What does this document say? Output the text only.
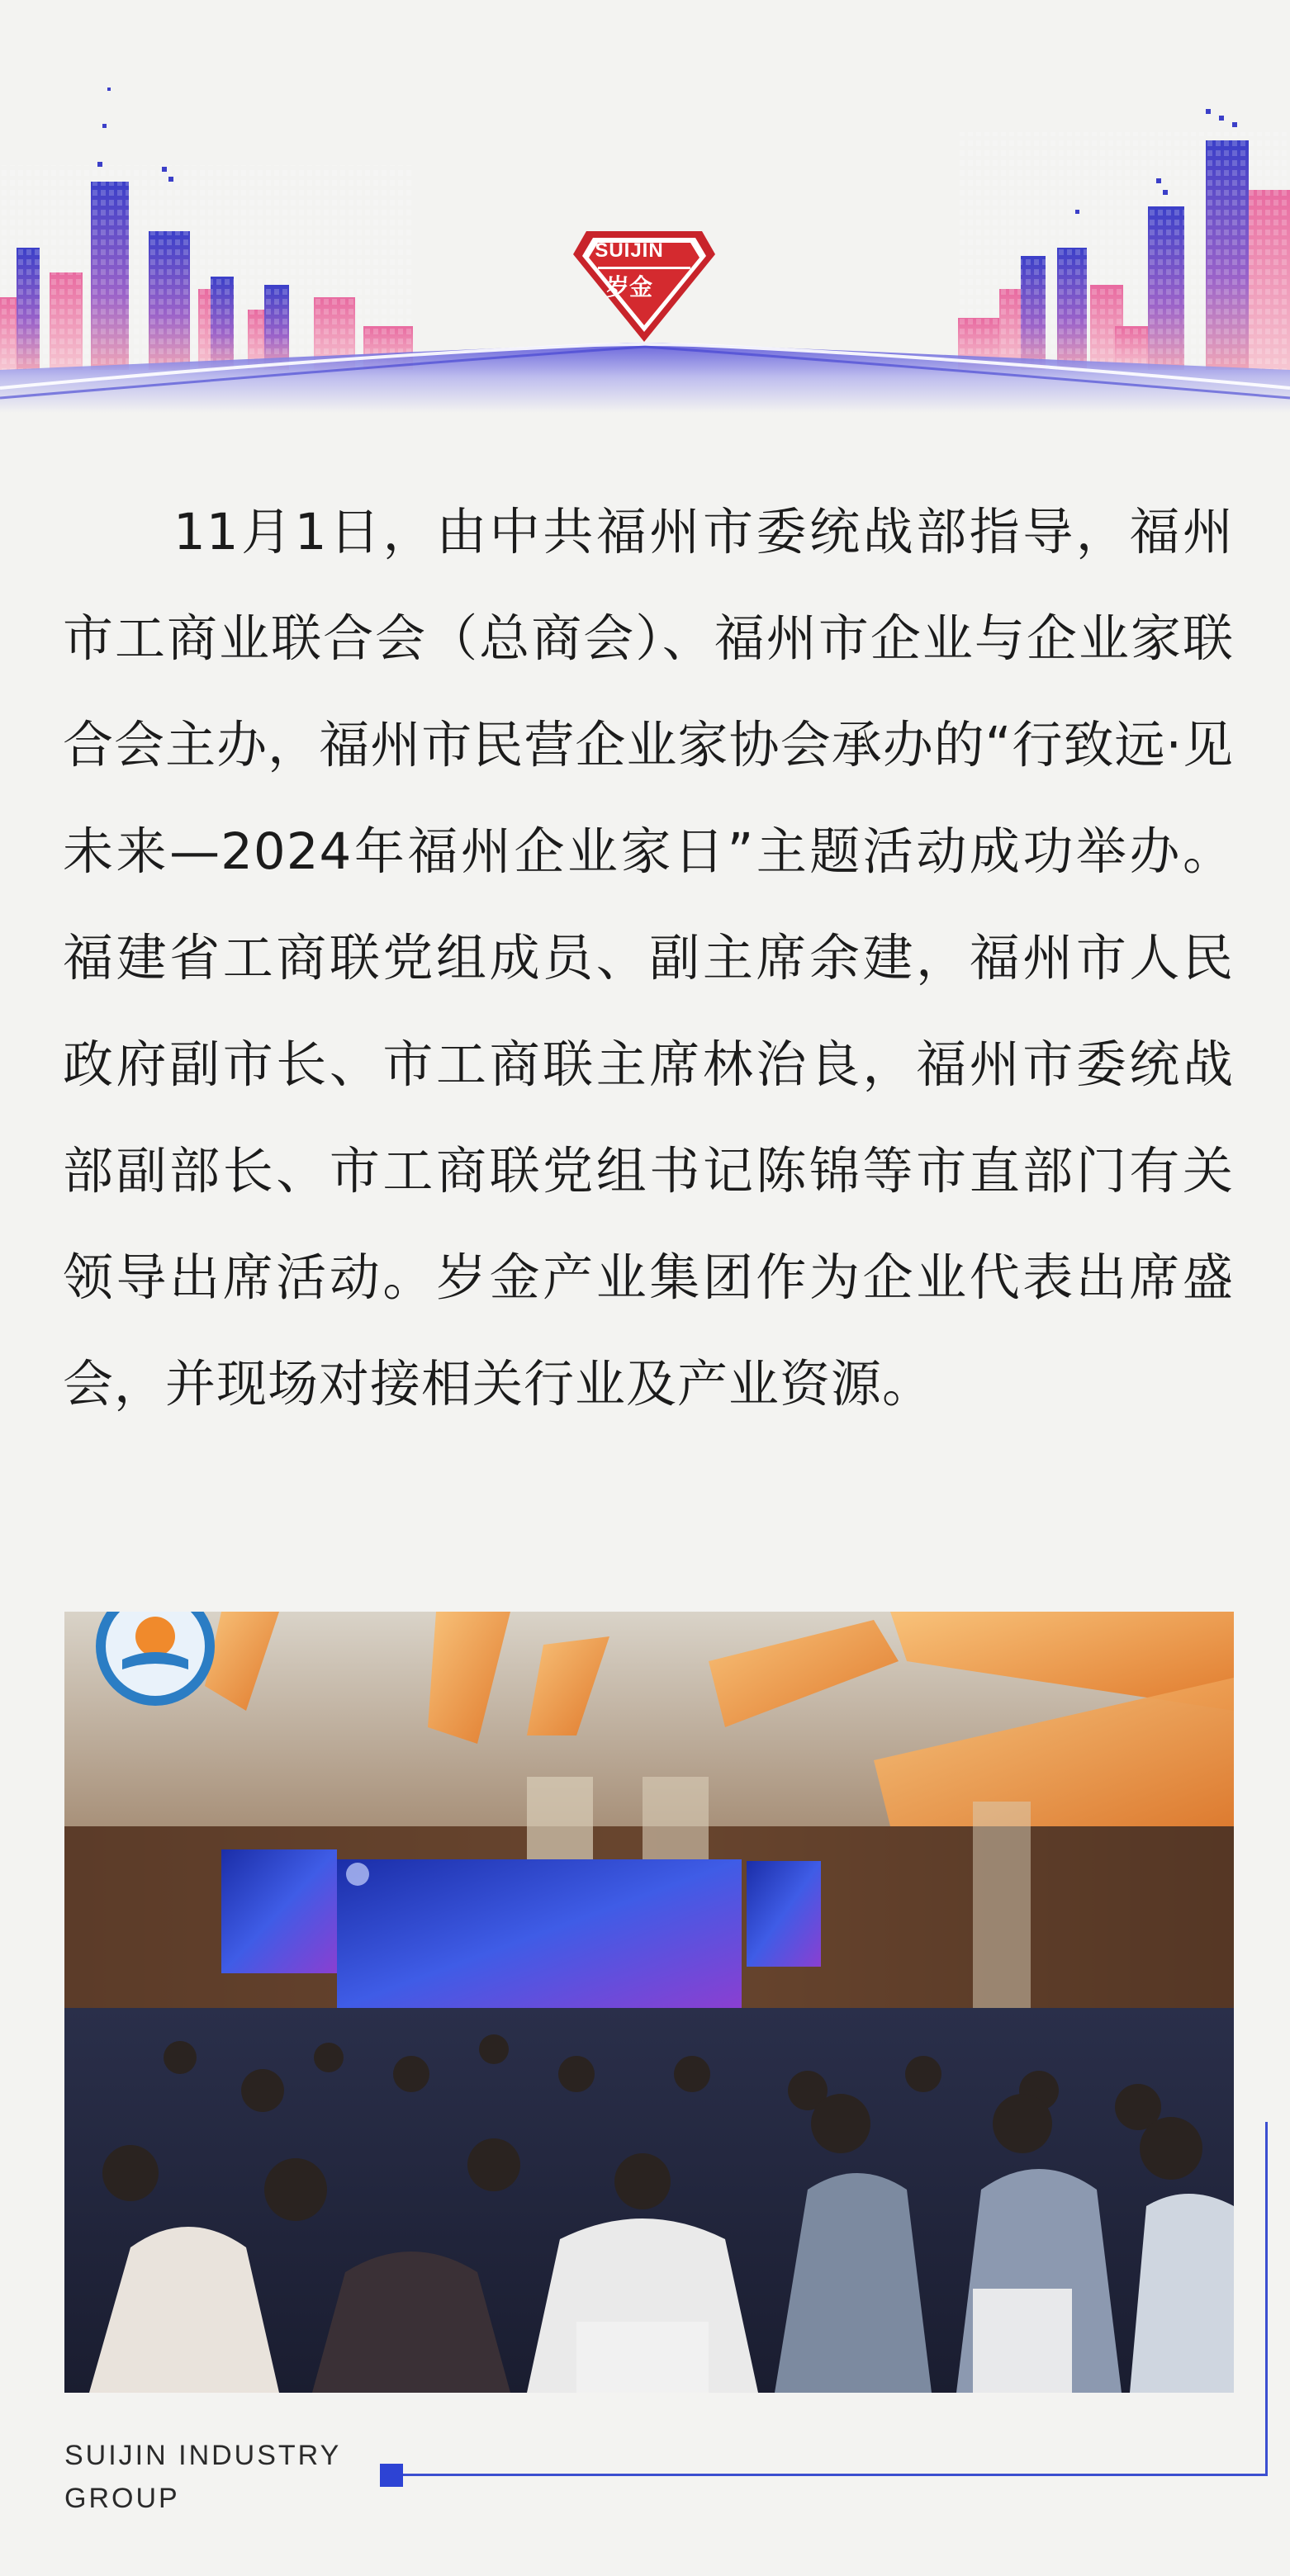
SUIJIN
岁金

11月1日，由中共福州市委统战部指导，福州市工商业联合会（总商会）、福州市企业与企业家联合会主办，福州市民营企业家协会承办的“行致远·见未来—2024年福州企业家日”主题活动成功举办。福建省工商联党组成员、副主席余建，福州市人民政府副市长、市工商联主席林治良，福州市委统战部副部长、市工商联党组书记陈锦等市直部门有关领导出席活动。岁金产业集团作为企业代表出席盛会，并现场对接相关行业及产业资源。

SUIJIN INDUSTRY GROUP
